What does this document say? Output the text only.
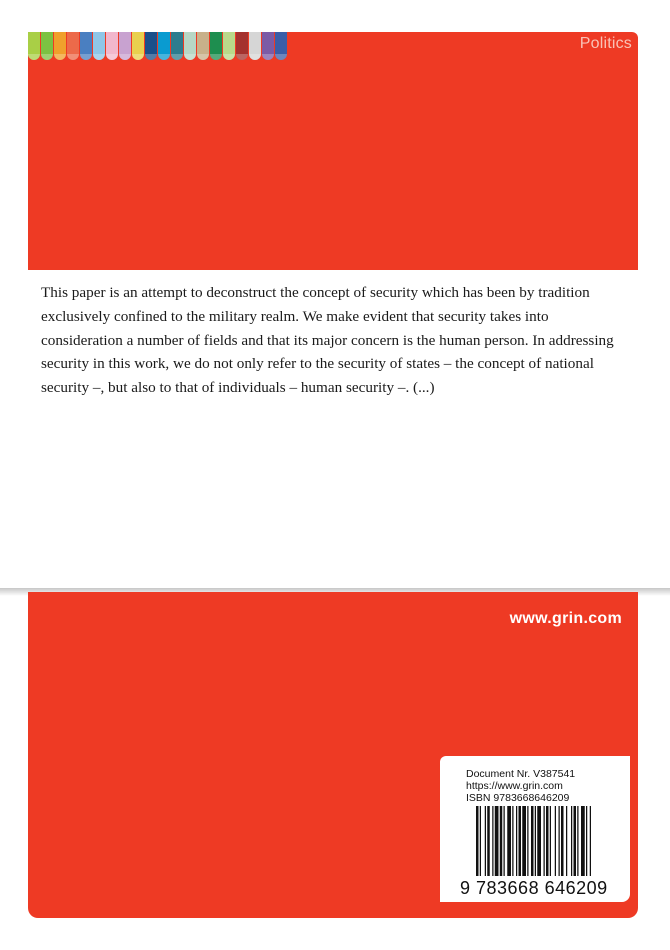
Politics

This paper is an attempt to deconstruct the concept of security which has been by tradition exclusively confined to the military realm. We make evident that security takes into consideration a number of fields and that its major concern is the human person. In addressing security in this work, we do not only refer to the security of states – the concept of national security –, but also to that of individuals – human security –. (...)

www.grin.com
Document Nr. V387541
https://www.grin.com
ISBN 9783668646209
9 783668 646209
